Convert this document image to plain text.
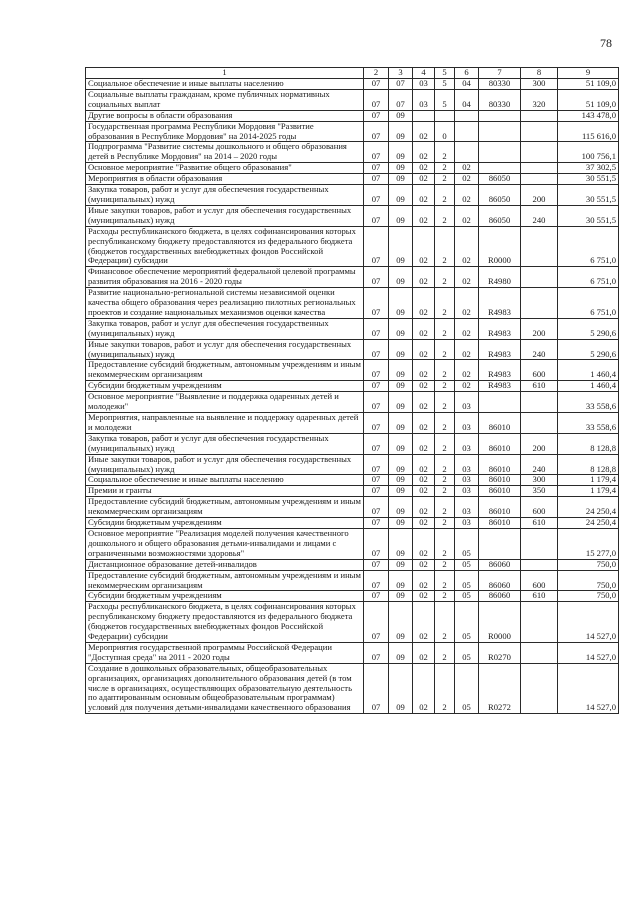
78
1	2	3	4	5	6	7	8	9
Социальное обеспечение и иные выплаты населению	07	07	03	5	04	80330	300	51 109,0
Социальные выплаты гражданам, кроме публичных нормативных социальных выплат	07	07	03	5	04	80330	320	51 109,0
Другие вопросы в области образования	07	09						143 478,0
Государственная программа Республики Мордовия "Развитие образования в Республике Мордовия" на 2014-2025 годы	07	09	02	0				115 616,0
Подпрограмма "Развитие системы дошкольного и общего образования детей в Республике Мордовия" на 2014 – 2020 годы	07	09	02	2				100 756,1
Основное мероприятие "Развитие общего образования"	07	09	02	2	02			37 302,5
Мероприятия в области образования	07	09	02	2	02	86050		30 551,5
Закупка товаров, работ и услуг для обеспечения государственных (муниципальных) нужд	07	09	02	2	02	86050	200	30 551,5
Иные закупки товаров, работ и услуг для обеспечения государственных (муниципальных) нужд	07	09	02	2	02	86050	240	30 551,5
Расходы республиканского бюджета, в целях софинансирования которых республиканскому бюджету предоставляются из федерального бюджета (бюджетов государственных внебюджетных фондов Российской Федерации) субсидии	07	09	02	2	02	R0000		6 751,0
Финансовое обеспечение мероприятий федеральной целевой программы развития образования на 2016 - 2020 годы	07	09	02	2	02	R4980		6 751,0
Развитие национально-региональной системы независимой оценки качества общего образования через реализацию пилотных региональных проектов и создание национальных механизмов оценки качества	07	09	02	2	02	R4983		6 751,0
Закупка товаров, работ и услуг для обеспечения государственных (муниципальных) нужд	07	09	02	2	02	R4983	200	5 290,6
Иные закупки товаров, работ и услуг для обеспечения государственных (муниципальных) нужд	07	09	02	2	02	R4983	240	5 290,6
Предоставление субсидий бюджетным, автономным учреждениям и иным некоммерческим организациям	07	09	02	2	02	R4983	600	1 460,4
Субсидии бюджетным учреждениям	07	09	02	2	02	R4983	610	1 460,4
Основное мероприятие "Выявление и поддержка одаренных детей и молодежи"	07	09	02	2	03			33 558,6
Мероприятия, направленные на выявление и поддержку одаренных детей и молодежи	07	09	02	2	03	86010		33 558,6
Закупка товаров, работ и услуг для обеспечения государственных (муниципальных) нужд	07	09	02	2	03	86010	200	8 128,8
Иные закупки товаров, работ и услуг для обеспечения государственных (муниципальных) нужд	07	09	02	2	03	86010	240	8 128,8
Социальное обеспечение и иные выплаты населению	07	09	02	2	03	86010	300	1 179,4
Премии и гранты	07	09	02	2	03	86010	350	1 179,4
Предоставление субсидий бюджетным, автономным учреждениям и иным некоммерческим организациям	07	09	02	2	03	86010	600	24 250,4
Субсидии бюджетным учреждениям	07	09	02	2	03	86010	610	24 250,4
Основное мероприятие "Реализация моделей получения качественного дошкольного и общего образования детьми-инвалидами и лицами с ограниченными возможностями здоровья"	07	09	02	2	05			15 277,0
Дистанционное образование детей-инвалидов	07	09	02	2	05	86060		750,0
Предоставление субсидий бюджетным, автономным учреждениям и иным некоммерческим организациям	07	09	02	2	05	86060	600	750,0
Субсидии бюджетным учреждениям	07	09	02	2	05	86060	610	750,0
Расходы республиканского бюджета, в целях софинансирования которых республиканскому бюджету предоставляются из федерального бюджета (бюджетов государственных внебюджетных фондов Российской Федерации) субсидии	07	09	02	2	05	R0000		14 527,0
Мероприятия государственной программы Российской Федерации "Доступная среда" на 2011 - 2020 годы	07	09	02	2	05	R0270		14 527,0
Создание в дошкольных образовательных, общеобразовательных организациях, организациях дополнительного образования детей (в том числе в организациях, осуществляющих образовательную деятельность по адаптированным основным общеобразовательным программам) условий для получения детьми-инвалидами качественного образования	07	09	02	2	05	R0272		14 527,0
